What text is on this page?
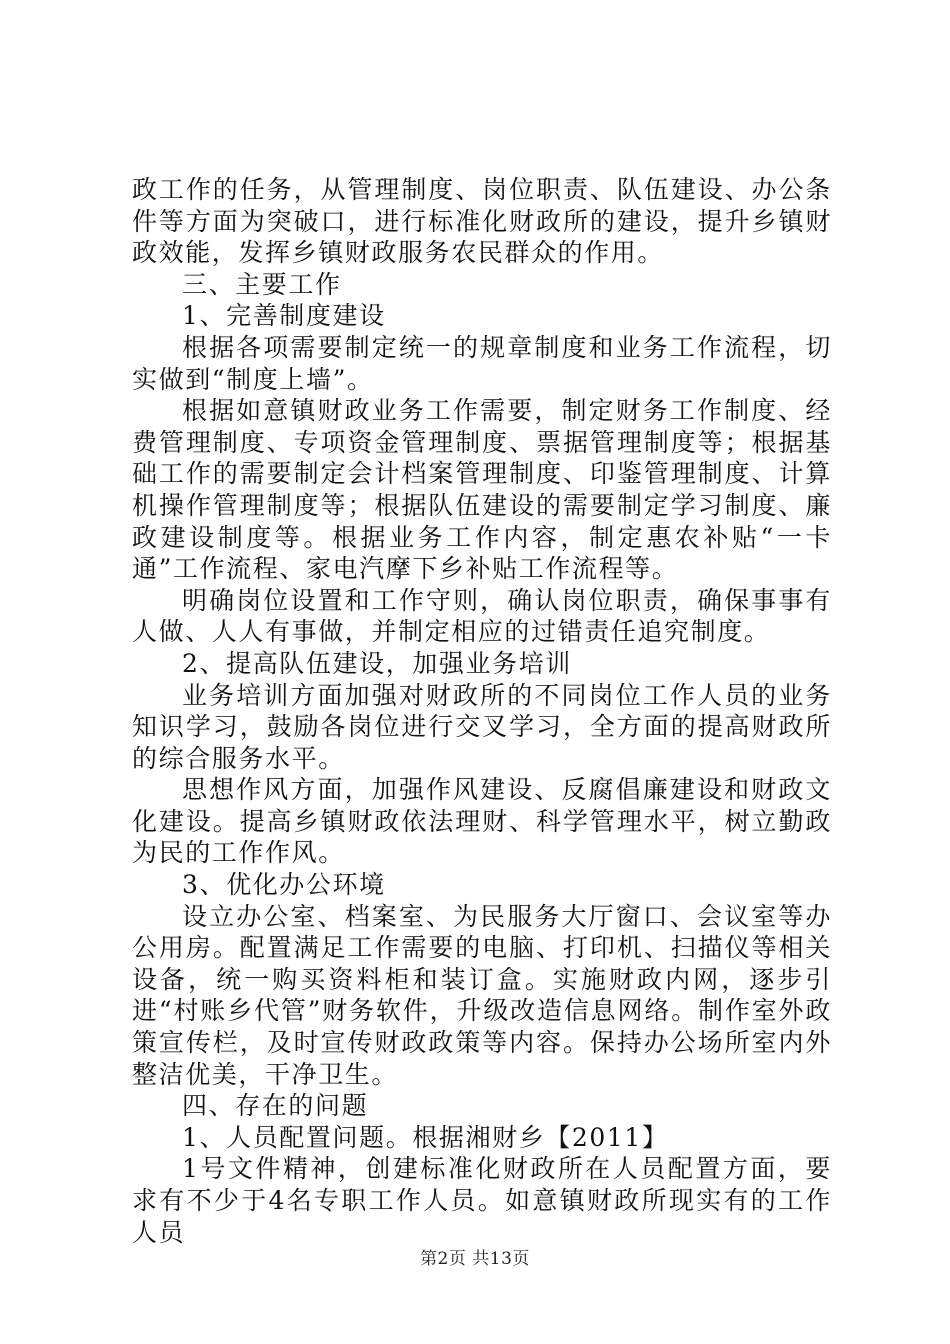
政工作的任务，从管理制度、岗位职责、队伍建设、办公条件等方面为突破口，进行标准化财政所的建设，提升乡镇财政效能，发挥乡镇财政服务农民群众的作用。

三、主要工作

1、完善制度建设

根据各项需要制定统一的规章制度和业务工作流程，切实做到“制度上墙”。

根据如意镇财政业务工作需要，制定财务工作制度、经费管理制度、专项资金管理制度、票据管理制度等；根据基础工作的需要制定会计档案管理制度、印鉴管理制度、计算机操作管理制度等；根据队伍建设的需要制定学习制度、廉政建设制度等。根据业务工作内容，制定惠农补贴“一卡通”工作流程、家电汽摩下乡补贴工作流程等。

明确岗位设置和工作守则，确认岗位职责，确保事事有人做、人人有事做，并制定相应的过错责任追究制度。

2、提高队伍建设，加强业务培训

业务培训方面加强对财政所的不同岗位工作人员的业务知识学习，鼓励各岗位进行交叉学习，全方面的提高财政所的综合服务水平。

思想作风方面，加强作风建设、反腐倡廉建设和财政文化建设。提高乡镇财政依法理财、科学管理水平，树立勤政为民的工作作风。

3、优化办公环境

设立办公室、档案室、为民服务大厅窗口、会议室等办公用房。配置满足工作需要的电脑、打印机、扫描仪等相关设备，统一购买资料柜和装订盒。实施财政内网，逐步引进“村账乡代管”财务软件，升级改造信息网络。制作室外政策宣传栏，及时宣传财政政策等内容。保持办公场所室内外整洁优美，干净卫生。

四、存在的问题

1、人员配置问题。根据湘财乡【2011】

1号文件精神，创建标准化财政所在人员配置方面，要求有不少于4名专职工作人员。如意镇财政所现实有的工作人员

第2页 共13页
